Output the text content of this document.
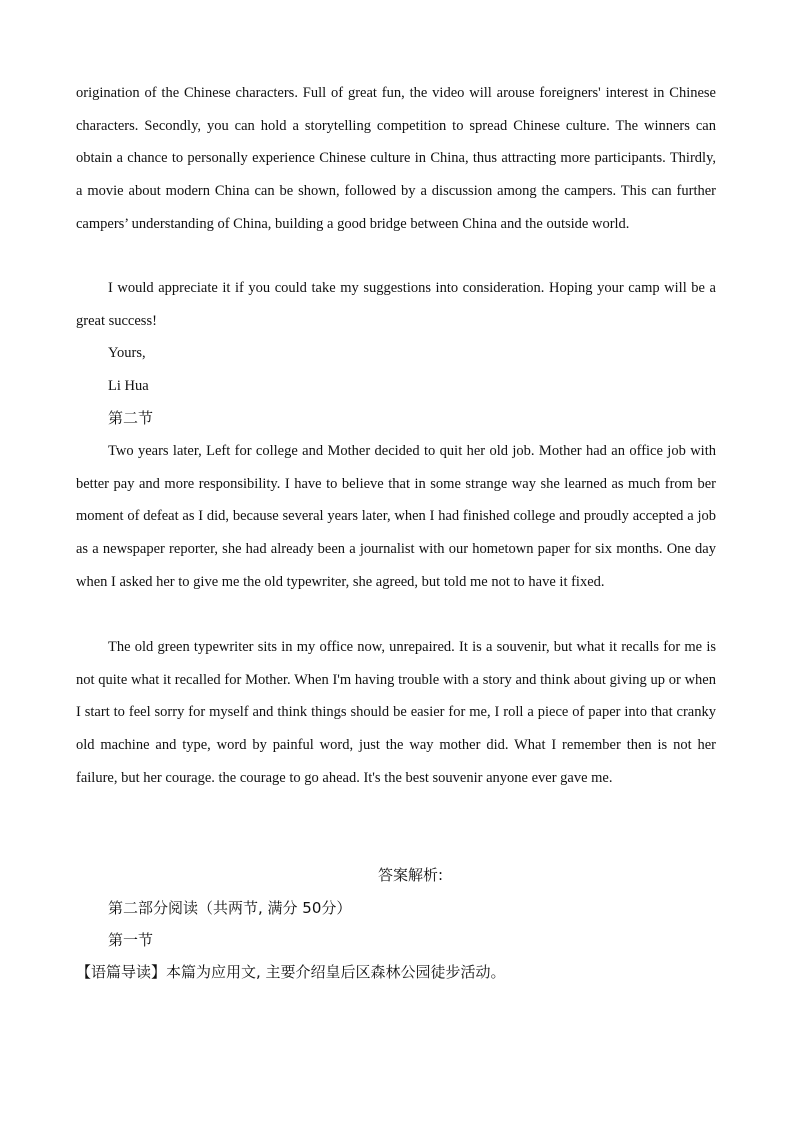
origination of the Chinese characters. Full of great fun, the video will arouse foreigners' interest in Chinese characters. Secondly, you can hold a storytelling competition to spread Chinese culture. The winners can obtain a chance to personally experience Chinese culture in China, thus attracting more participants. Thirdly, a movie about modern China can be shown, followed by a discussion among the campers. This can further campers’ understanding of China, building a good bridge between China and the outside world.

I would appreciate it if you could take my suggestions into consideration. Hoping your camp will be a great success!

Yours,

Li Hua

第二节

Two years later, Left for college and Mother decided to quit her old job. Mother had an office job with better pay and more responsibility. I have to believe that in some strange way she learned as much from ber moment of defeat as I did, because several years later, when I had finished college and proudly accepted a job as a newspaper reporter, she had already been a journalist with our hometown paper for six months. One day when I asked her to give me the old typewriter, she agreed, but told me not to have it fixed.

The old green typewriter sits in my office now, unrepaired. It is a souvenir, but what it recalls for me is not quite what it recalled for Mother. When I'm having trouble with a story and think about giving up or when I start to feel sorry for myself and think things should be easier for me, I roll a piece of paper into that cranky old machine and type, word by painful word, just the way mother did. What I remember then is not her failure, but her courage. the courage to go ahead. It's the best souvenir anyone ever gave me.

答案解析:

第二部分阅读（共两节, 满分 50分）

第一节

【语篇导读】本篇为应用文, 主要介绍皇后区森林公园徒步活动。
